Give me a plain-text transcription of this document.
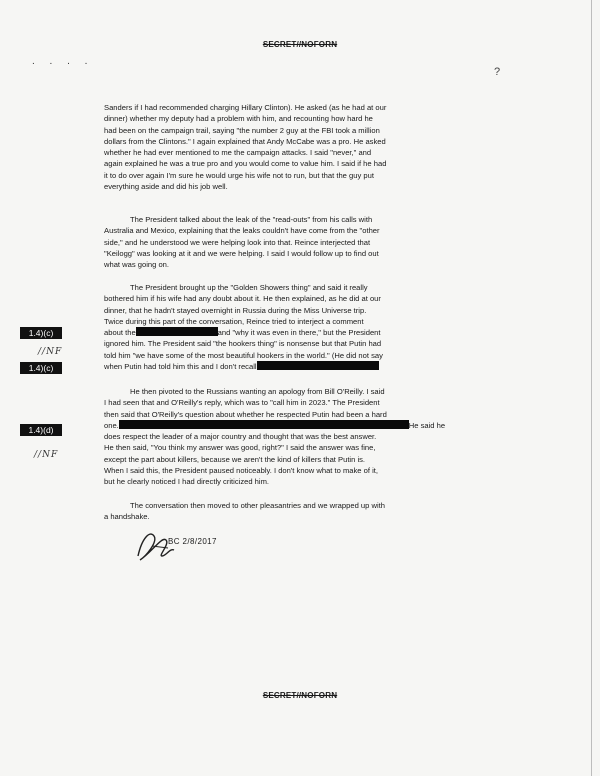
SECRET//NOFORN
. . . .
?
Sanders if I had recommended charging Hillary Clinton). He asked (as he had at our
dinner) whether my deputy had a problem with him, and recounting how hard he
had been on the campaign trail, saying "the number 2 guy at the FBI took a million
dollars from the Clintons." I again explained that Andy McCabe was a pro. He asked
whether he had ever mentioned to me the campaign attacks. I said "never," and
again explained he was a true pro and you would come to value him. I said if he had
it to do over again I'm sure he would urge his wife not to run, but that the guy put
everything aside and did his job well.
The President talked about the leak of the "read-outs" from his calls with
Australia and Mexico, explaining that the leaks couldn't have come from the "other
side," and he understood we were helping look into that. Reince interjected that
"Keilogg" was looking at it and we were helping. I said I would follow up to find out
what was going on.
The President brought up the "Golden Showers thing" and said it really
bothered him if his wife had any doubt about it. He then explained, as he did at our
dinner, that he hadn't stayed overnight in Russia during the Miss Universe trip.
Twice during this part of the conversation, Reince tried to interject a comment
about the	and "why it was even in there," but the President
ignored him. The President said "the hookers thing" is nonsense but that Putin had
told him "we have some of the most beautiful hookers in the world." (He did not say
when Putin had told him this and I don't recall
He then pivoted to the Russians wanting an apology from Bill O'Reilly. I said
I had seen that and O'Reilly's reply, which was to "call him in 2023." The President
then said that O'Reilly's question about whether he respected Putin had been a hard
one.	He said he
does respect the leader of a major country and thought that was the best answer.
He then said, "You think my answer was good, right?" I said the answer was fine,
except the part about killers, because we aren't the kind of killers that Putin is.
When I said this, the President paused noticeably. I don't know what to make of it,
but he clearly noticed I had directly criticized him.
The conversation then moved to other pleasantries and we wrapped up with
a handshake.
1.4)(c)
//NF
1.4)(c)
1.4)(d)
//NF
BC 2/8/2017
SECRET//NOFORN
